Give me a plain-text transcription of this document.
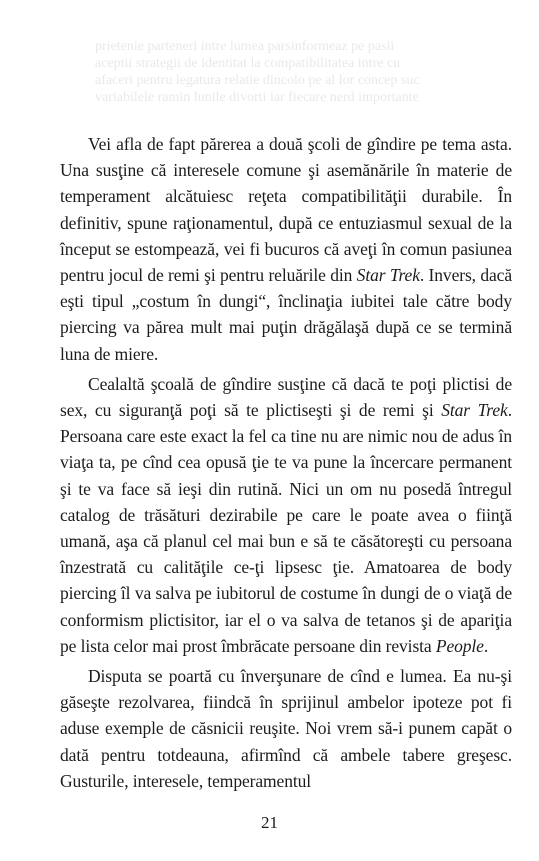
prietenie parteneri intre lumea parsinformeaz pe pasii

aceptii strategii de identitat la compatibilitatea intre cu

afaceri pentru legatura relatie dincolo pe al lor concep suc

variabilele ramin lunile divorti iar fiecare nerd importante

Vei afla de fapt părerea a două şcoli de gîndire pe tema asta. Una susţine că interesele comune şi asemănările în materie de temperament alcătuiesc reţeta compatibilităţii durabile. În definitiv, spune raţionamentul, după ce entuziasmul sexual de la început se estompează, vei fi bucuros că aveţi în comun pasiunea pentru jocul de remi şi pentru reluările din Star Trek. Invers, dacă eşti tipul „costum în dungi“, înclinaţia iubitei tale către body piercing va părea mult mai puţin drăgălaşă după ce se termină luna de miere.

Cealaltă şcoală de gîndire susţine că dacă te poţi plictisi de sex, cu siguranţă poţi să te plictiseşti şi de remi şi Star Trek. Persoana care este exact la fel ca tine nu are nimic nou de adus în viaţa ta, pe cînd cea opusă ţie te va pune la încercare permanent şi te va face să ieşi din rutină. Nici un om nu posedă întregul catalog de trăsături dezirabile pe care le poate avea o fiinţă umană, aşa că planul cel mai bun e să te căsătoreşti cu persoana înzestrată cu calităţile ce-ţi lipsesc ţie. Amatoarea de body piercing îl va salva pe iubitorul de costume în dungi de o viaţă de conformism plictisitor, iar el o va salva de tetanos şi de apariţia pe lista celor mai prost îmbrăcate persoane din revista People.

Disputa se poartă cu înverşunare de cînd e lumea. Ea nu-şi găseşte rezolvarea, fiindcă în sprijinul ambelor ipoteze pot fi aduse exemple de căsnicii reuşite. Noi vrem să-i punem capăt o dată pentru totdeauna, afirmînd că ambele tabere greşesc. Gusturile, interesele, temperamentul

21
